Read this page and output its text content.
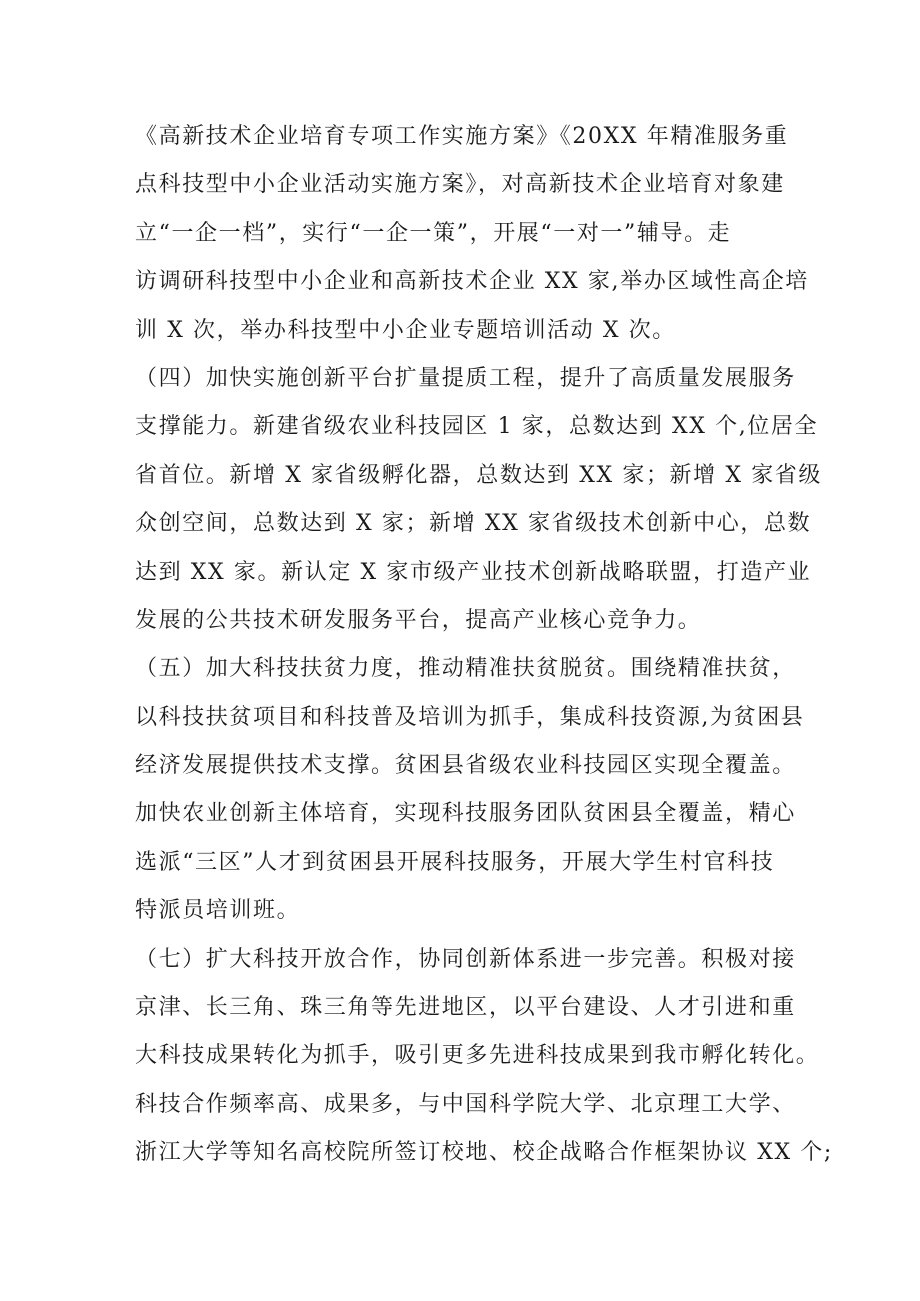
《高新技术企业培育专项工作实施方案》《20XX 年精准服务重
点科技型中小企业活动实施方案》，对高新技术企业培育对象建
立“一企一档”，实行“一企一策”，开展“一对一”辅导。走
访调研科技型中小企业和高新技术企业 XX 家,举办区域性高企培
训 X 次，举办科技型中小企业专题培训活动 X 次。
（四）加快实施创新平台扩量提质工程，提升了高质量发展服务
支撑能力。新建省级农业科技园区 1 家，总数达到 XX 个,位居全
省首位。新增 X 家省级孵化器，总数达到 XX 家；新增 X 家省级
众创空间，总数达到 X 家；新增 XX 家省级技术创新中心，总数
达到 XX 家。新认定 X 家市级产业技术创新战略联盟，打造产业
发展的公共技术研发服务平台，提高产业核心竞争力。
（五）加大科技扶贫力度，推动精准扶贫脱贫。围绕精准扶贫，
以科技扶贫项目和科技普及培训为抓手，集成科技资源,为贫困县
经济发展提供技术支撑。贫困县省级农业科技园区实现全覆盖。
加快农业创新主体培育，实现科技服务团队贫困县全覆盖，精心
选派“三区”人才到贫困县开展科技服务，开展大学生村官科技
特派员培训班。
（七）扩大科技开放合作，协同创新体系进一步完善。积极对接
京津、长三角、珠三角等先进地区，以平台建设、人才引进和重
大科技成果转化为抓手，吸引更多先进科技成果到我市孵化转化。
科技合作频率高、成果多，与中国科学院大学、北京理工大学、
浙江大学等知名高校院所签订校地、校企战略合作框架协议 XX 个;
